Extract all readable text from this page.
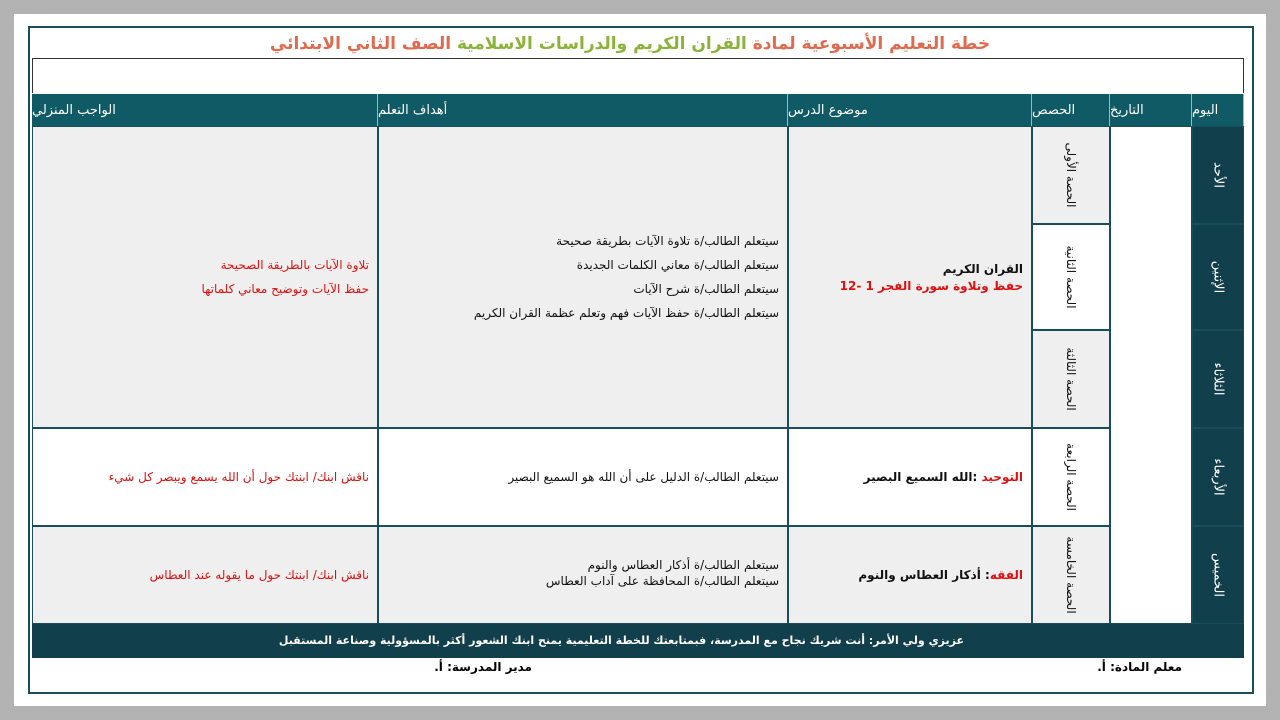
خطة التعليم الأسبوعية لمادة القران الكريم والدراسات الاسلامية الصف الثاني الابتدائي
اليوم
التاريخ
الحصص
موضوع الدرس
أهداف التعلم
الواجب المنزلي
الأحد
الإثنين
الثلاثاء
الأربعاء
الخميس
الحصة الأولى
الحصة الثانية
الحصة الثالثة
الحصة الرابعة
الحصة الخامسة
القران الكريم
حفظ وتلاوة سورة الفجر 1 -12
سيتعلم الطالب/ة تلاوة الآيات بطريقة صحيحة
سيتعلم الطالب/ة معاني الكلمات الجديدة
سيتعلم الطالب/ة شرح الآيات
سيتعلم الطالب/ة حفظ الآيات فهم وتعلم عظمة القران الكريم
تلاوة الآيات بالطريقة الصحيحة
حفظ الآيات وتوضيح معاني كلماتها
التوحيد :الله السميع البصير
سيتعلم الطالب/ة الدليل على أن الله هو السميع البصير
ناقش ابنك/ ابنتك حول أن الله يسمع ويبصر كل شيء
الفقه: أذكار العطاس والنوم
سيتعلم الطالب/ة أذكار العطاس والنوم
سيتعلم الطالب/ة المحافظة على آداب العطاس
ناقش ابنك/ ابنتك حول ما يقوله عند العطاس
عزيزي ولي الأمر: أنت شريك نجاح مع المدرسة، فبمتابعتك للخطة التعليمية يمنح ابنك الشعور أكثر بالمسؤولية وصناعة المستقبل
معلم المادة: أ.
مدير المدرسة: أ.
